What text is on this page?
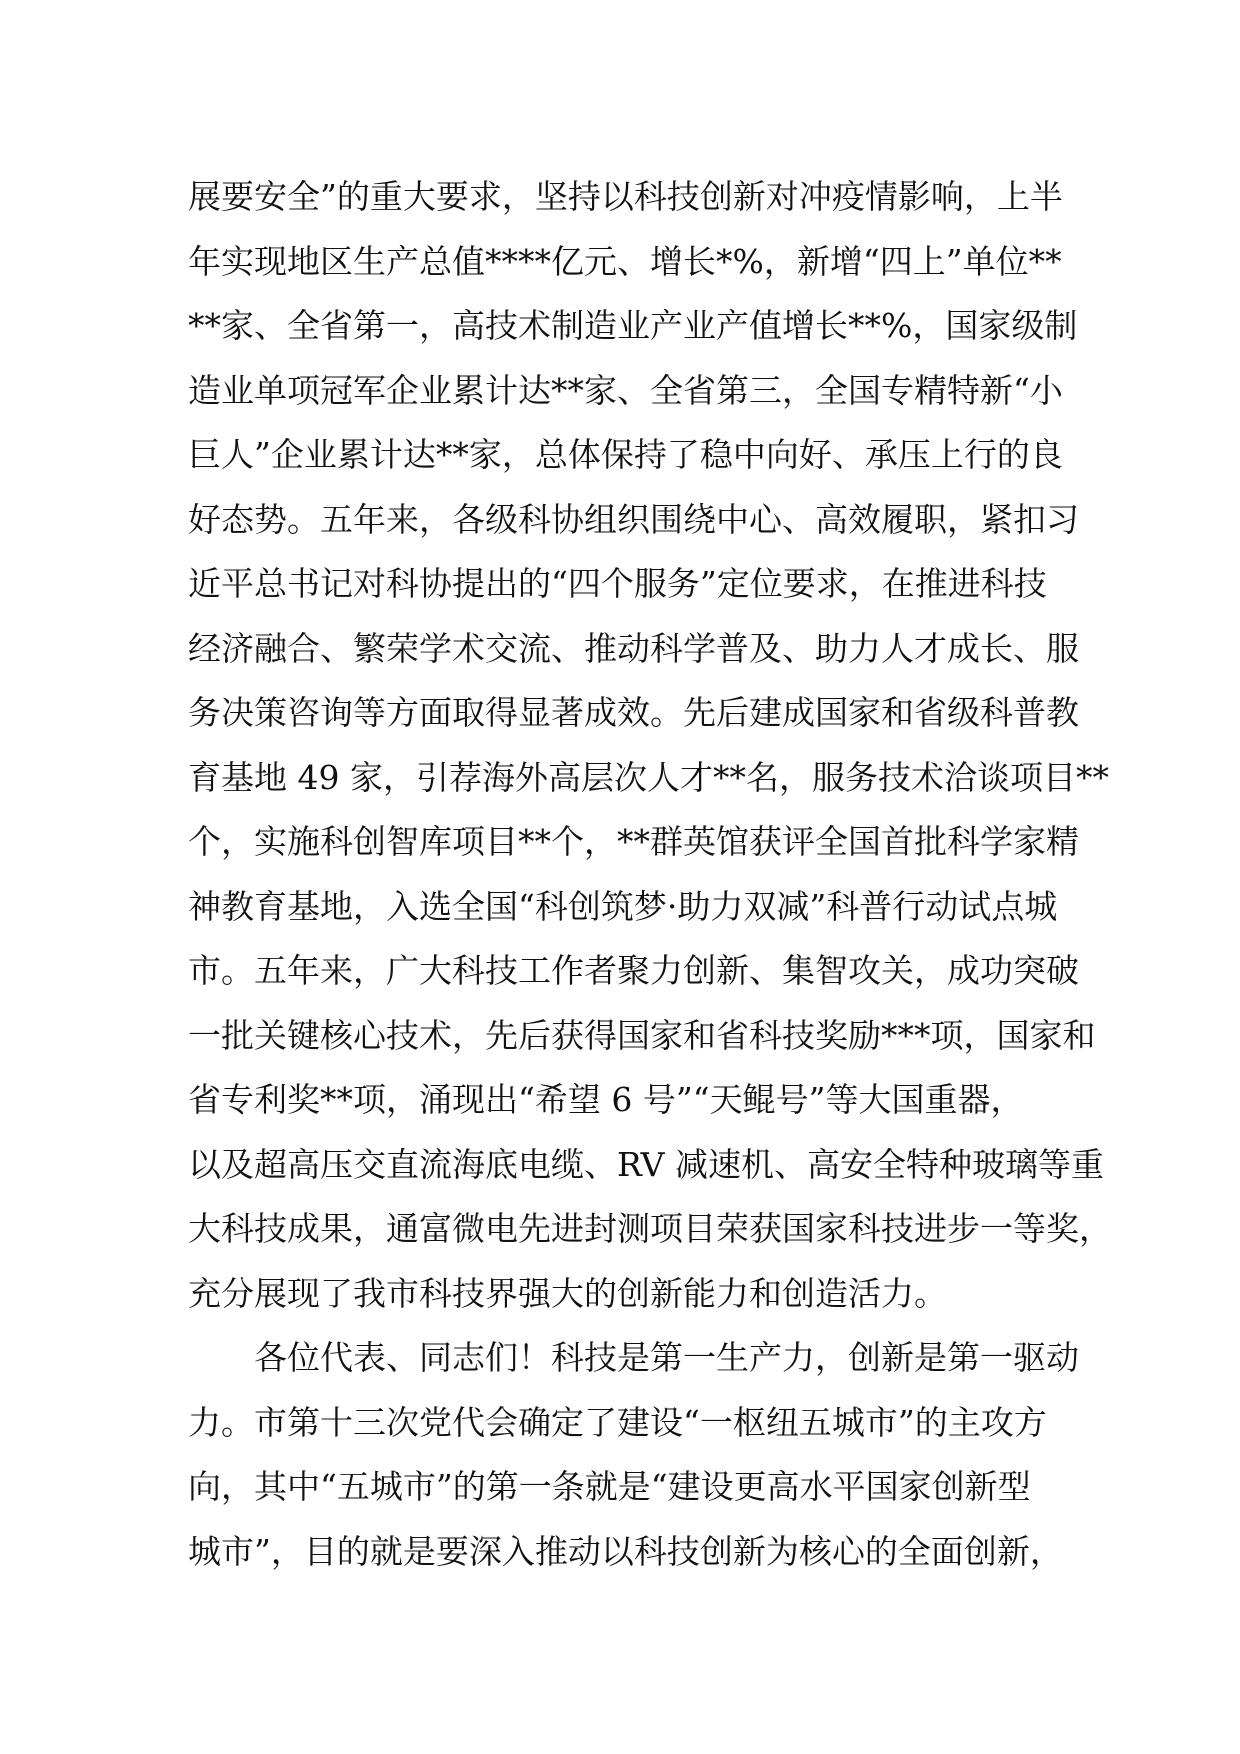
展要安全”的重大要求，坚持以科技创新对冲疫情影响，上半
年实现地区生产总值****亿元、增长*%，新增“四上”单位**
**家、全省第一，高技术制造业产业产值增长**%，国家级制
造业单项冠军企业累计达**家、全省第三，全国专精特新“小
巨人”企业累计达**家，总体保持了稳中向好、承压上行的良
好态势。五年来，各级科协组织围绕中心、高效履职，紧扣习
近平总书记对科协提出的“四个服务”定位要求，在推进科技
经济融合、繁荣学术交流、推动科学普及、助力人才成长、服
务决策咨询等方面取得显著成效。先后建成国家和省级科普教
育基地 49 家，引荐海外高层次人才**名，服务技术洽谈项目**
个，实施科创智库项目**个，**群英馆获评全国首批科学家精
神教育基地，入选全国“科创筑梦·助力双减”科普行动试点城
市。五年来，广大科技工作者聚力创新、集智攻关，成功突破
一批关键核心技术，先后获得国家和省科技奖励***项，国家和
省专利奖**项，涌现出“希望 6 号”“天鲲号”等大国重器，
以及超高压交直流海底电缆、RV 减速机、高安全特种玻璃等重
大科技成果，通富微电先进封测项目荣获国家科技进步一等奖，
充分展现了我市科技界强大的创新能力和创造活力。
各位代表、同志们！科技是第一生产力，创新是第一驱动
力。市第十三次党代会确定了建设“一枢纽五城市”的主攻方
向，其中“五城市”的第一条就是“建设更高水平国家创新型
城市”，目的就是要深入推动以科技创新为核心的全面创新，
